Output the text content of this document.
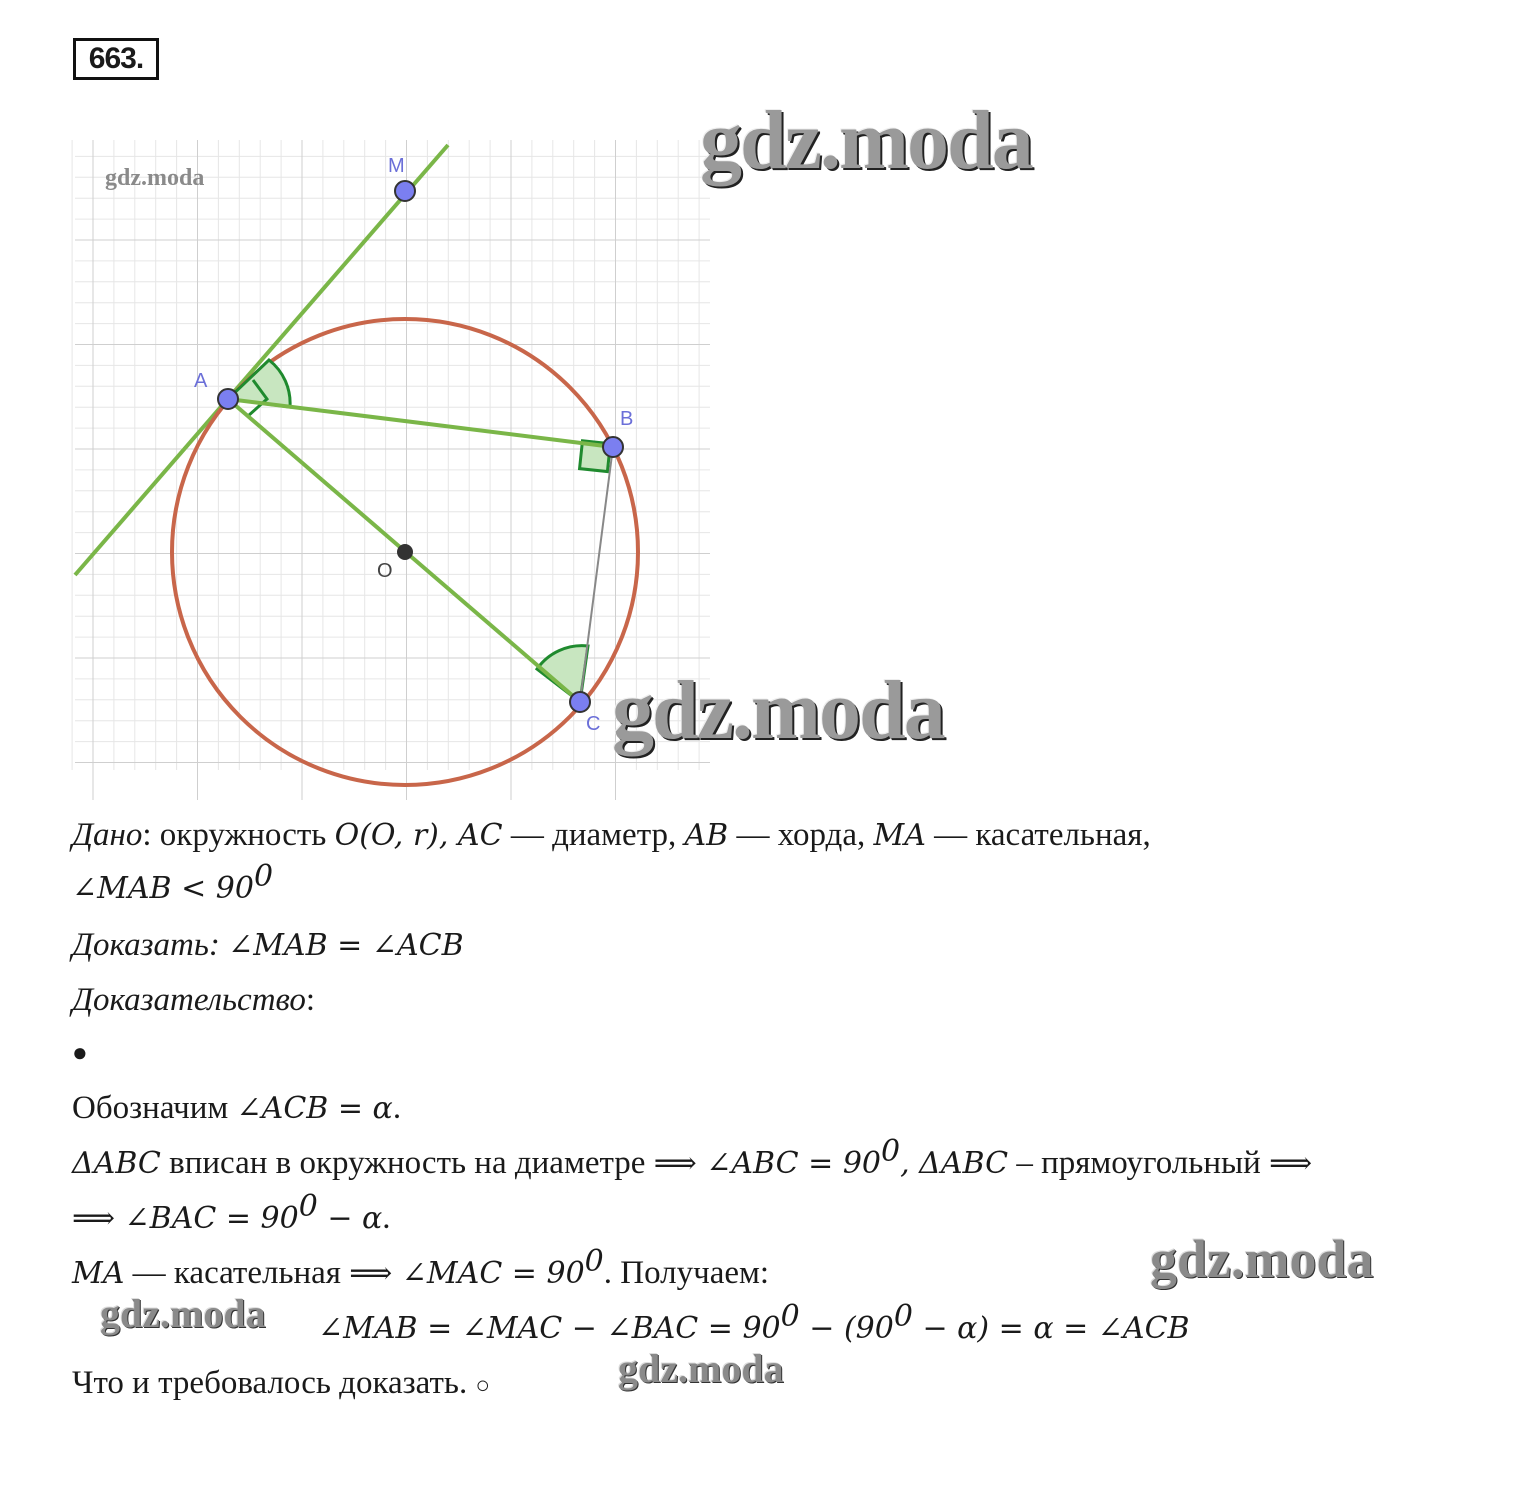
663.
gdz.moda	M
A
B
C
O
gdz.moda
gdz.moda
gdz.moda
gdz.moda
gdz.moda
Дано: окружность O(O, r), AC — диаметр, AB — хорда, MA — касательная,
∠MAB < $90^0$
Доказать: ∠MAB = ∠ACB
Доказательство:
●
Обозначим ∠ACB = α.
ΔABC вписан в окружность на диаметре ⟹ ∠ABC = $90^0$, ΔABC – прямоугольный ⟹
⟹ ∠BAC = $90^0 - \alpha$.
MA — касательная ⟹ ∠MAC = $90^0$. Получаем:
∠MAB = ∠MAC − ∠BAC = $90^0 - (90^0 - \alpha) = \alpha$ = ∠ACB
Что и требовалось доказать. ○
